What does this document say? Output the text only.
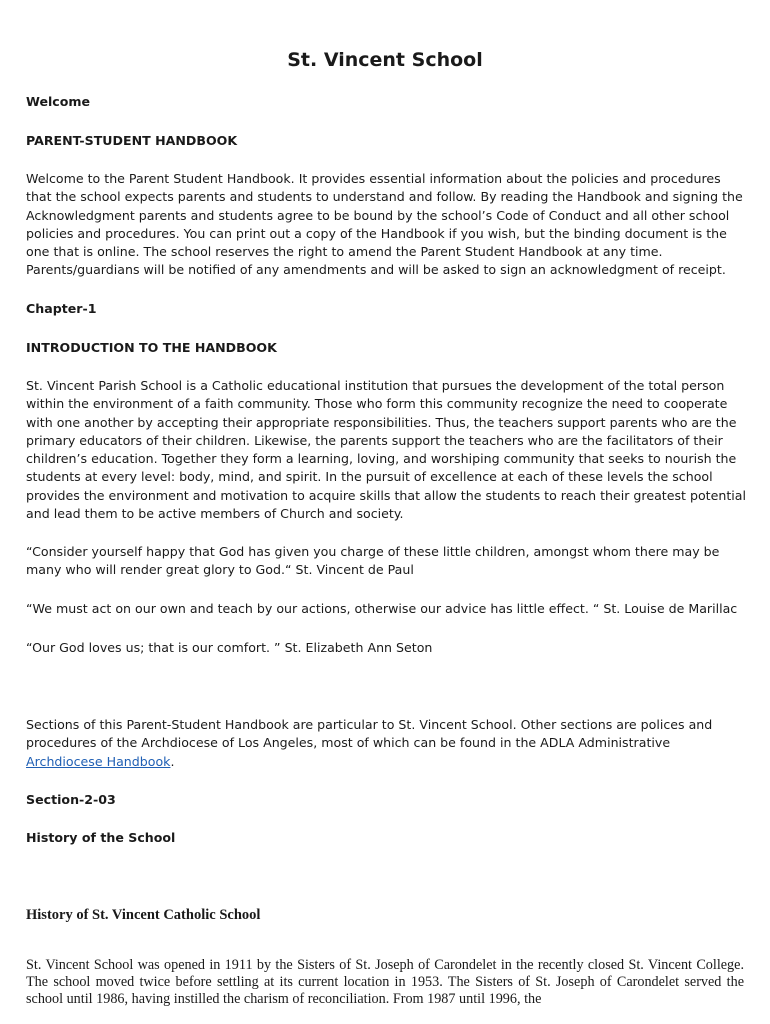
St. Vincent School

Welcome

PARENT-STUDENT HANDBOOK

Welcome to the Parent Student Handbook. It provides essential information about the policies and procedures
that the school expects parents and students to understand and follow. By reading the Handbook and signing the
Acknowledgment parents and students agree to be bound by the school’s Code of Conduct and all other school
policies and procedures. You can print out a copy of the Handbook if you wish, but the binding document is the
one that is online. The school reserves the right to amend the Parent Student Handbook at any time.
Parents/guardians will be notified of any amendments and will be asked to sign an acknowledgment of receipt.

Chapter-1

INTRODUCTION TO THE HANDBOOK

St. Vincent Parish School is a Catholic educational institution that pursues the development of the total person
within the environment of a faith community. Those who form this community recognize the need to cooperate
with one another by accepting their appropriate responsibilities. Thus, the teachers support parents who are the
primary educators of their children. Likewise, the parents support the teachers who are the facilitators of their
children’s education. Together they form a learning, loving, and worshiping community that seeks to nourish the
students at every level: body, mind, and spirit. In the pursuit of excellence at each of these levels the school
provides the environment and motivation to acquire skills that allow the students to reach their greatest potential
and lead them to be active members of Church and society.

“Consider yourself happy that God has given you charge of these little children, amongst whom there may be
many who will render great glory to God.“ St. Vincent de Paul

“We must act on our own and teach by our actions, otherwise our advice has little effect. “ St. Louise de Marillac

“Our God loves us; that is our comfort. ” St. Elizabeth Ann Seton

Sections of this Parent-Student Handbook are particular to St. Vincent School. Other sections are polices and
procedures of the Archdiocese of Los Angeles, most of which can be found in the ADLA Administrative
Archdiocese Handbook.

Section-2-03

History of the School

History of St. Vincent Catholic School

St. Vincent School was opened in 1911 by the Sisters of St. Joseph of Carondelet in the recently closed St. Vincent College. The school moved twice before settling at its current location in 1953. The Sisters of St. Joseph of Carondelet served the school until 1986, having instilled the charism of reconciliation. From 1987 until 1996, the
